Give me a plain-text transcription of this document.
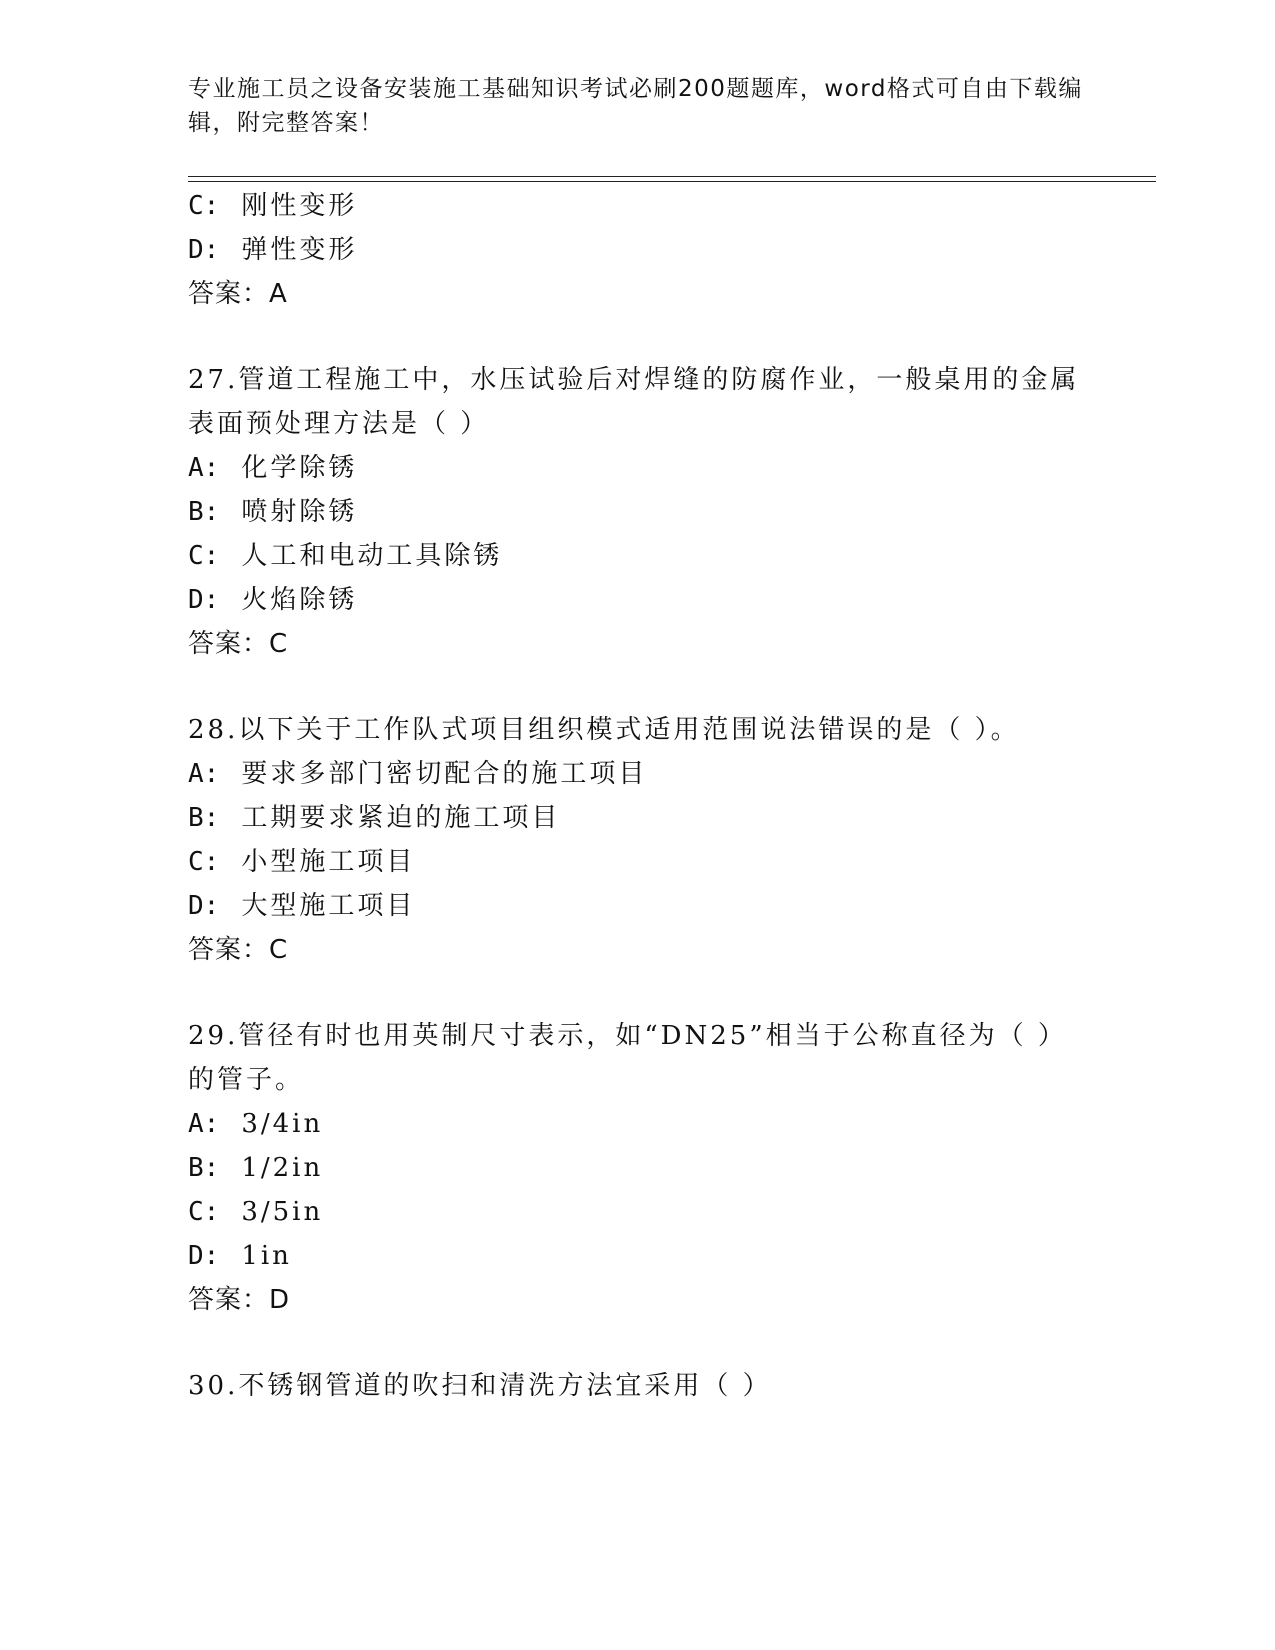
专业施工员之设备安装施工基础知识考试必刷200题题库，word格式可自由下载编辑，附完整答案！
C: 刚性变形
D: 弹性变形
答案：A
27.管道工程施工中，水压试验后对焊缝的防腐作业，一般桌用的金属
表面预处理方法是（ ）
A: 化学除锈
B: 喷射除锈
C: 人工和电动工具除锈
D: 火焰除锈
答案：C
28.以下关于工作队式项目组织模式适用范围说法错误的是（ ）。
A: 要求多部门密切配合的施工项目
B: 工期要求紧迫的施工项目
C: 小型施工项目
D: 大型施工项目
答案：C
29.管径有时也用英制尺寸表示，如“DN25”相当于公称直径为（ ）
的管子。
A: 3/4in
B: 1/2in
C: 3/5in
D: 1in
答案：D
30.不锈钢管道的吹扫和清洗方法宜采用（ ）
